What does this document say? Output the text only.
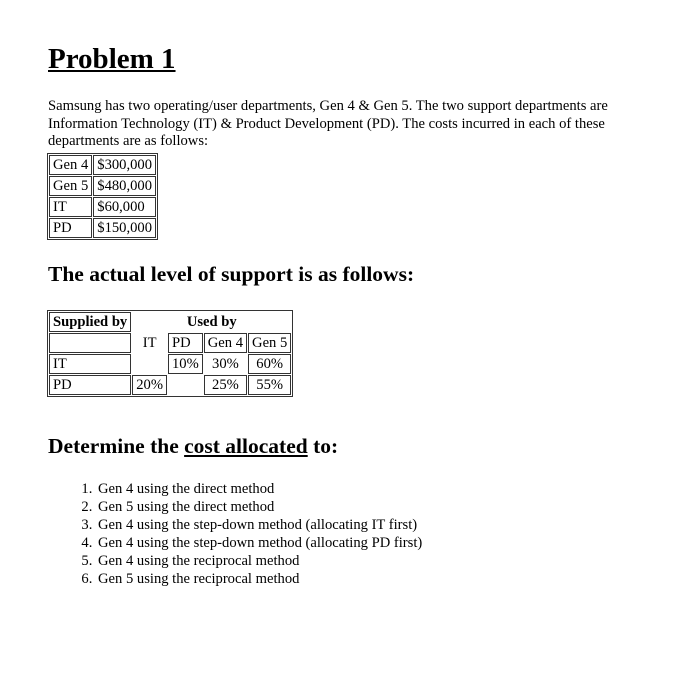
Problem 1

Samsung has two operating/user departments, Gen 4 & Gen 5. The two support departments are Information Technology (IT) & Product Development (PD). The costs incurred in each of these departments are as follows:

Gen 4	$300,000
Gen 5	$480,000
IT	$60,000
PD	$150,000
The actual level of support is as follows:
Supplied by	Used by			
	IT	PD	Gen 4	Gen 5
IT		10%	30%	60%
PD	20%		25%	55%
Determine the cost allocated to:
1. Gen 4 using the direct method
2. Gen 5 using the direct method
3. Gen 4 using the step-down method (allocating IT first)
4. Gen 4 using the step-down method (allocating PD first)
5. Gen 4 using the reciprocal method
6. Gen 5 using the reciprocal method
